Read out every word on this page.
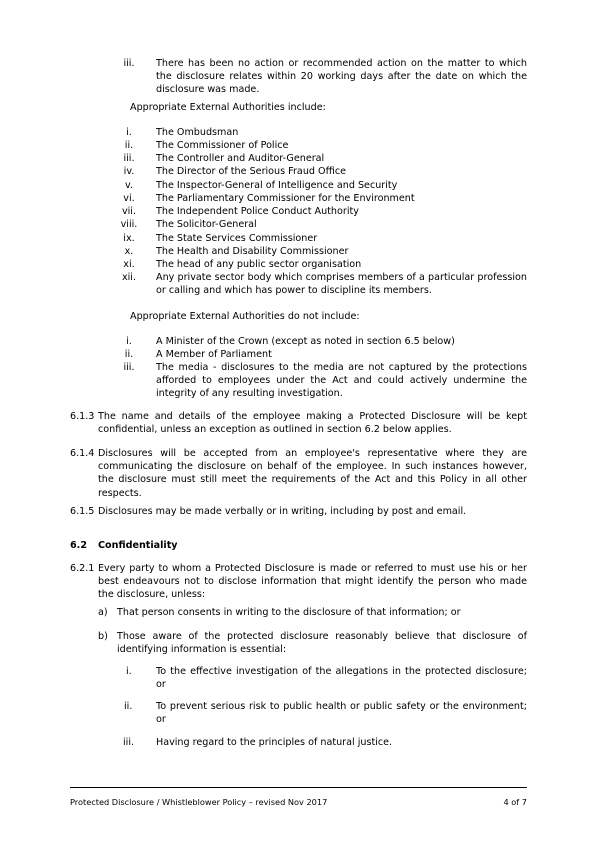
iii.	There has been no action or recommended action on the matter to which the disclosure relates within 20 working days after the date on which the disclosure was made.
Appropriate External Authorities include:
i.	The Ombudsman
ii.	The Commissioner of Police
iii.	The Controller and Auditor-General
iv.	The Director of the Serious Fraud Office
v.	The Inspector-General of Intelligence and Security
vi.	The Parliamentary Commissioner for the Environment
vii.	The Independent Police Conduct Authority
viii.	The Solicitor-General
ix.	The State Services Commissioner
x.	The Health and Disability Commissioner
xi.	The head of any public sector organisation
xii.	Any private sector body which comprises members of a particular profession or calling and which has power to discipline its members.
Appropriate External Authorities do not include:
i.	A Minister of the Crown (except as noted in section 6.5 below)
ii.	A Member of Parliament
iii.	The media - disclosures to the media are not captured by the protections afforded to employees under the Act and could actively undermine the integrity of any resulting investigation.
6.1.3 The name and details of the employee making a Protected Disclosure will be kept confidential, unless an exception as outlined in section 6.2 below applies.
6.1.4 Disclosures will be accepted from an employee's representative where they are communicating the disclosure on behalf of the employee. In such instances however, the disclosure must still meet the requirements of the Act and this Policy in all other respects.
6.1.5 Disclosures may be made verbally or in writing, including by post and email.
6.2 Confidentiality
6.2.1 Every party to whom a Protected Disclosure is made or referred to must use his or her best endeavours not to disclose information that might identify the person who made the disclosure, unless:
a) That person consents in writing to the disclosure of that information; or
b) Those aware of the protected disclosure reasonably believe that disclosure of identifying information is essential:
i.	To the effective investigation of the allegations in the protected disclosure; or
ii. To prevent serious risk to public health or public safety or the environment; or
iii. Having regard to the principles of natural justice.
Protected Disclosure / Whistleblower Policy – revised Nov 2017	4 of 7
